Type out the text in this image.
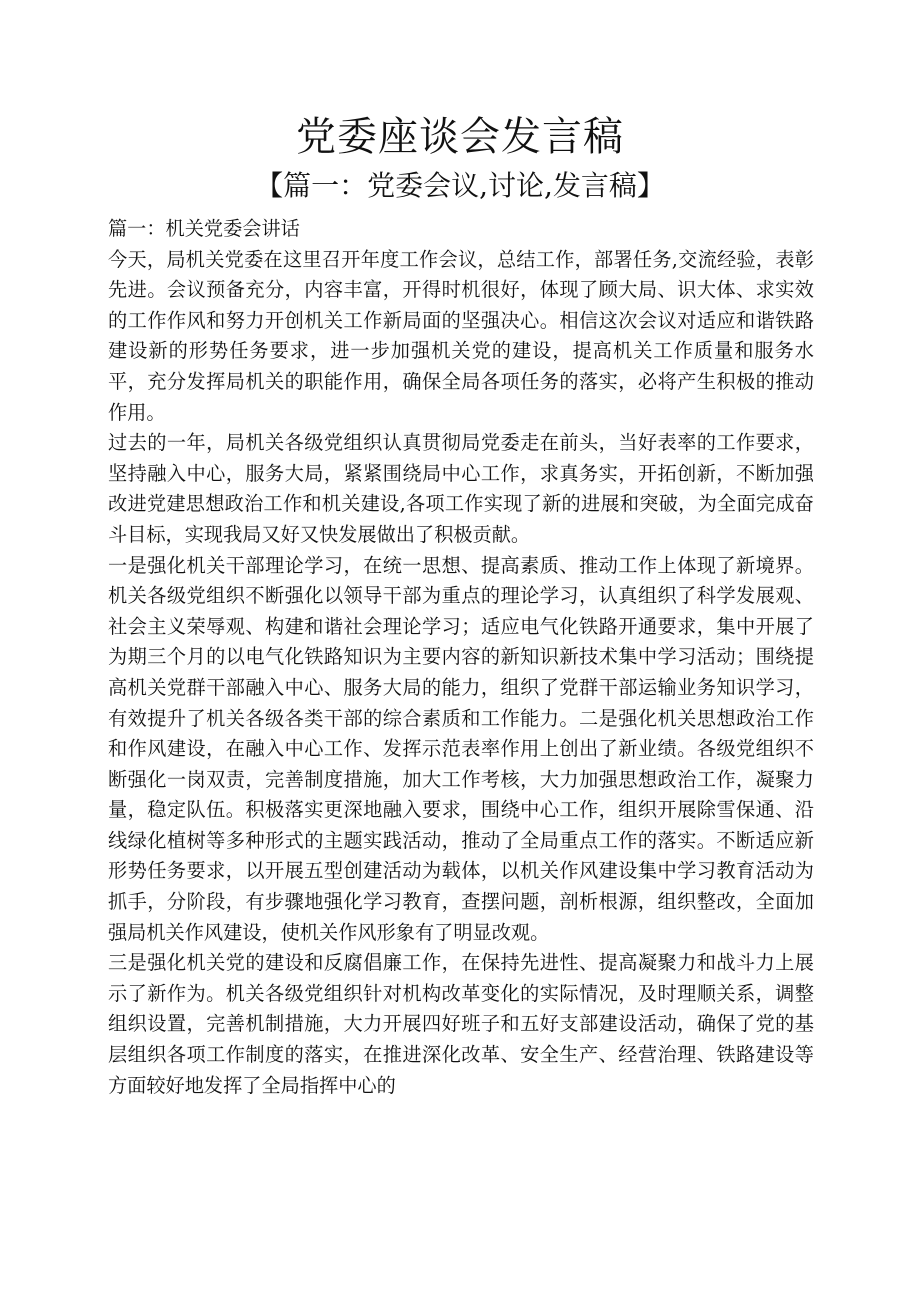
党委座谈会发言稿
【篇一：党委会议,讨论,发言稿】

篇一：机关党委会讲话

今天，局机关党委在这里召开年度工作会议，总结工作，部署任务,交流经验，表彰先进。会议预备充分，内容丰富，开得时机很好，体现了顾大局、识大体、求实效的工作作风和努力开创机关工作新局面的坚强决心。相信这次会议对适应和谐铁路建设新的形势任务要求，进一步加强机关党的建设，提高机关工作质量和服务水平，充分发挥局机关的职能作用，确保全局各项任务的落实，必将产生积极的推动作用。

过去的一年，局机关各级党组织认真贯彻局党委走在前头，当好表率的工作要求，坚持融入中心，服务大局，紧紧围绕局中心工作，求真务实，开拓创新，不断加强改进党建思想政治工作和机关建设,各项工作实现了新的进展和突破，为全面完成奋斗目标，实现我局又好又快发展做出了积极贡献。

一是强化机关干部理论学习，在统一思想、提高素质、推动工作上体现了新境界。机关各级党组织不断强化以领导干部为重点的理论学习，认真组织了科学发展观、社会主义荣辱观、构建和谐社会理论学习；适应电气化铁路开通要求，集中开展了为期三个月的以电气化铁路知识为主要内容的新知识新技术集中学习活动；围绕提高机关党群干部融入中心、服务大局的能力，组织了党群干部运输业务知识学习，有效提升了机关各级各类干部的综合素质和工作能力。二是强化机关思想政治工作和作风建设，在融入中心工作、发挥示范表率作用上创出了新业绩。各级党组织不断强化一岗双责，完善制度措施，加大工作考核，大力加强思想政治工作，凝聚力量，稳定队伍。积极落实更深地融入要求，围绕中心工作，组织开展除雪保通、沿线绿化植树等多种形式的主题实践活动，推动了全局重点工作的落实。不断适应新形势任务要求，以开展五型创建活动为载体，以机关作风建设集中学习教育活动为抓手，分阶段，有步骤地强化学习教育，查摆问题，剖析根源，组织整改，全面加强局机关作风建设，使机关作风形象有了明显改观。

三是强化机关党的建设和反腐倡廉工作，在保持先进性、提高凝聚力和战斗力上展示了新作为。机关各级党组织针对机构改革变化的实际情况，及时理顺关系，调整组织设置，完善机制措施，大力开展四好班子和五好支部建设活动，确保了党的基层组织各项工作制度的落实，在推进深化改革、安全生产、经营治理、铁路建设等方面较好地发挥了全局指挥中心的
